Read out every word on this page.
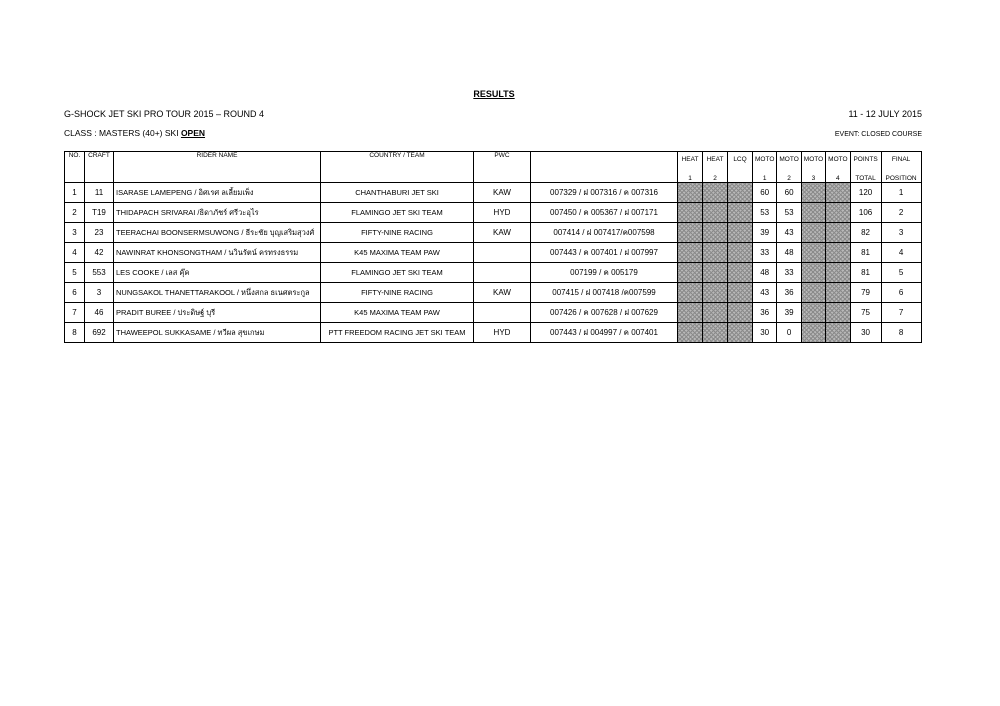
RESULTS
G-SHOCK JET SKI PRO TOUR 2015 – ROUND 4	11 - 12 JULY 2015
CLASS : MASTERS (40+) SKI OPEN	EVENT: CLOSED COURSE
NO.	CRAFT	RIDER NAME	COUNTRY / TEAM	PWC		HEAT	HEAT	LCQ	MOTO	MOTO	MOTO	MOTO	POINTS	FINAL
						1	2		1	2	3	4	TOTAL	POSITION
1	11	ISARASE LAMEPENG / อิศเรศ ลเลี้ยมเพ็ง	CHANTHABURI JET SKI	KAW	007329 / ฝ 007316 / ค 007316				60	60			120	1
2	T19	THIDAPACH SRIVARAI /ธิดาภัชร์ ศรีวะอุไร	FLAMINGO JET SKI TEAM	HYD	007450 / ค 005367 / ฝ 007171				53	53			106	2
3	23	TEERACHAI BOONSERMSUWONG / ธีระชัย บุญเสริมสุวงศ์	FIFTY-NINE RACING	KAW	007414 / ฝ 007417/ค007598				39	43			82	3
4	42	NAWINRAT KHONSONGTHAM / นวินรัตน์ ครทรงธรรม	K45 MAXIMA TEAM PAW		007443 / ค 007401 / ฝ 007997				33	48			81	4
5	553	LES COOKE / เลส คุ๊ค	FLAMINGO JET SKI TEAM		007199 / ค 005179				48	33			81	5
6	3	NUNGSAKOL THANETTARAKOOL / หนึ่งสกล ธเนศตระกูล	FIFTY-NINE RACING	KAW	007415 / ฝ 007418 /ค007599				43	36			79	6
7	46	PRADIT BUREE / ประดิษฐ์ บุรี	K45 MAXIMA TEAM PAW		007426 / ค 007628 / ฝ 007629				36	39			75	7
8	692	THAWEEPOL SUKKASAME / ทวีผล สุขเกษม	PTT FREEDOM RACING JET SKI TEAM	HYD	007443 / ฝ 004997 / ค 007401				30	0			30	8
